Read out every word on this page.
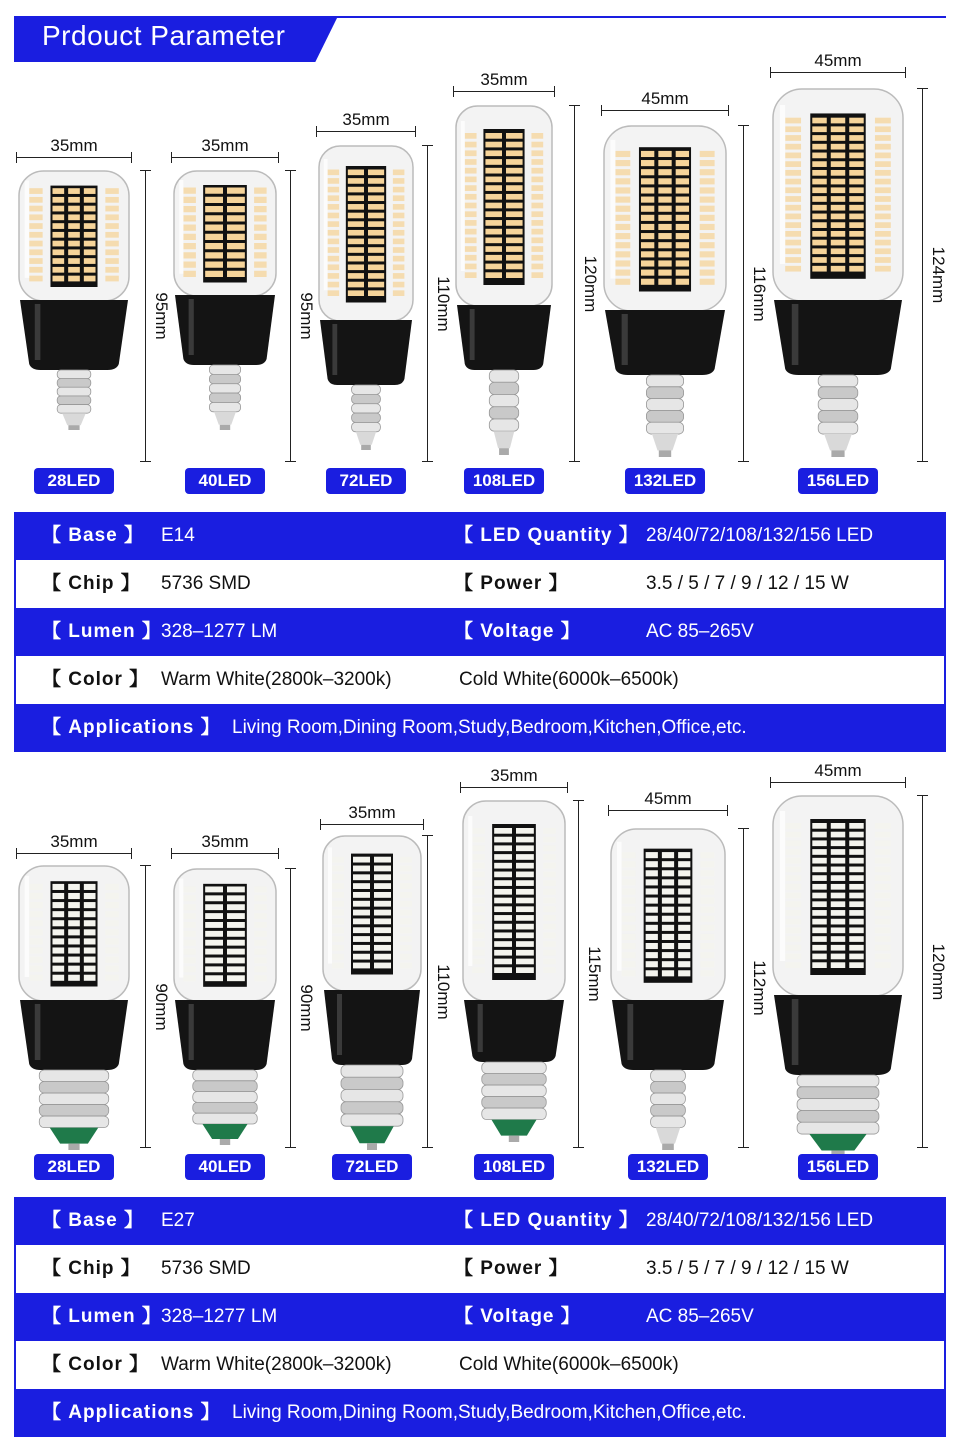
Prdouct Parameter
35mm
95mm
28LED
35mm
95mm
40LED
35mm
110mm
72LED
35mm
120mm
108LED
45mm
116mm
132LED
45mm
124mm
156LED
【 Base 】 E14	【 LED Quantity 】 28/40/72/108/132/156 LED
【 Chip 】 5736 SMD	【 Power 】	3.5 / 5 / 7 / 9 / 12 / 15 W
【 Lumen 】 328–1277 LM	【 Voltage 】	AC 85–265V
【 Color 】 Warm White(2800k–3200k)	Cold White(6000k–6500k)
【 Applications 】 Living Room,Dining Room,Study,Bedroom,Kitchen,Office,etc.
35mm
90mm
28LED
35mm
90mm
40LED
35mm
110mm
72LED
35mm
115mm
108LED
45mm
112mm
132LED
45mm
120mm
156LED
【 Base 】 E27	【 LED Quantity 】 28/40/72/108/132/156 LED
【 Chip 】 5736 SMD	【 Power 】	3.5 / 5 / 7 / 9 / 12 / 15 W
【 Lumen 】 328–1277 LM	【 Voltage 】	AC 85–265V
【 Color 】 Warm White(2800k–3200k)	Cold White(6000k–6500k)
【 Applications 】 Living Room,Dining Room,Study,Bedroom,Kitchen,Office,etc.
